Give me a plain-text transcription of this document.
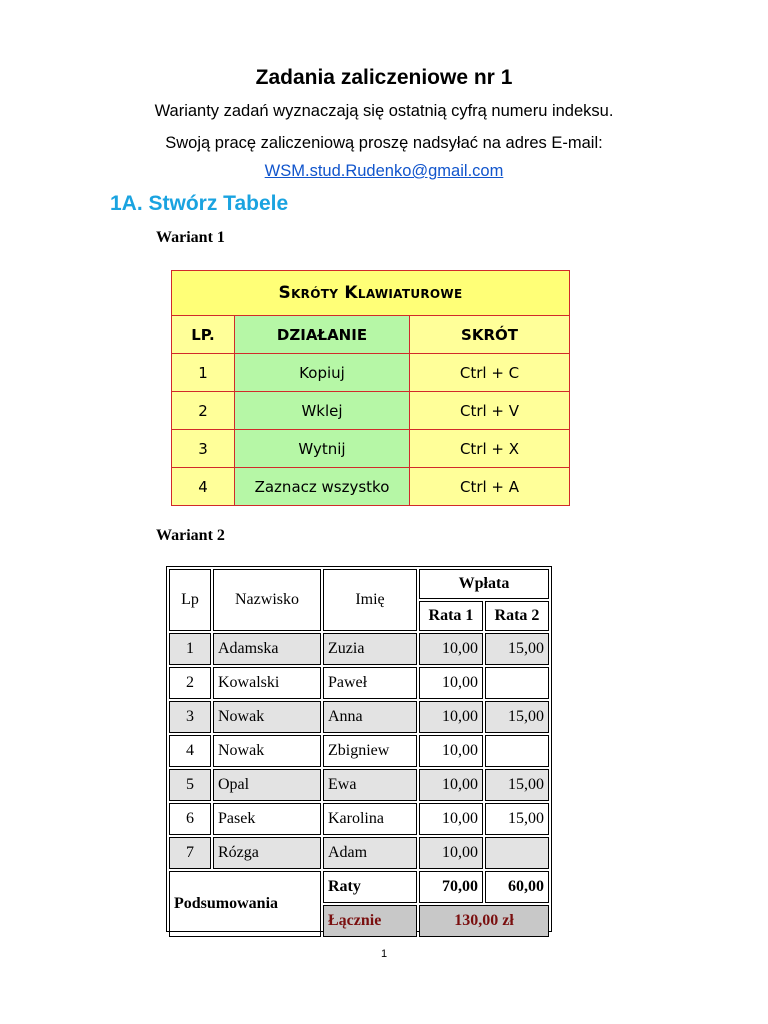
Zadania zaliczeniowe nr 1
Warianty zadań wyznaczają się ostatnią cyfrą numeru indeksu.
Swoją pracę zaliczeniową proszę nadsyłać na adres E-mail:
WSM.stud.Rudenko@gmail.com
1A. Stwórz Tabele
Wariant 1
Skróty Klawiaturowe		
LP.	DZIAŁANIE	SKRÓT
1	Kopiuj	Ctrl + C
2	Wklej	Ctrl + V
3	Wytnij	Ctrl + X
4	Zaznacz wszystko	Ctrl + A
Wariant 2
Lp	Nazwisko	Imię	Wpłata	
			Rata 1	Rata 2
1	Adamska	Zuzia	10,00	15,00
2	Kowalski	Paweł	10,00	
3	Nowak	Anna	10,00	15,00
4	Nowak	Zbigniew	10,00	
5	Opal	Ewa	10,00	15,00
6	Pasek	Karolina	10,00	15,00
7	Rózga	Adam	10,00	
Podsumowania		Raty	70,00	60,00
		Łącznie	130,00 zł	
1
